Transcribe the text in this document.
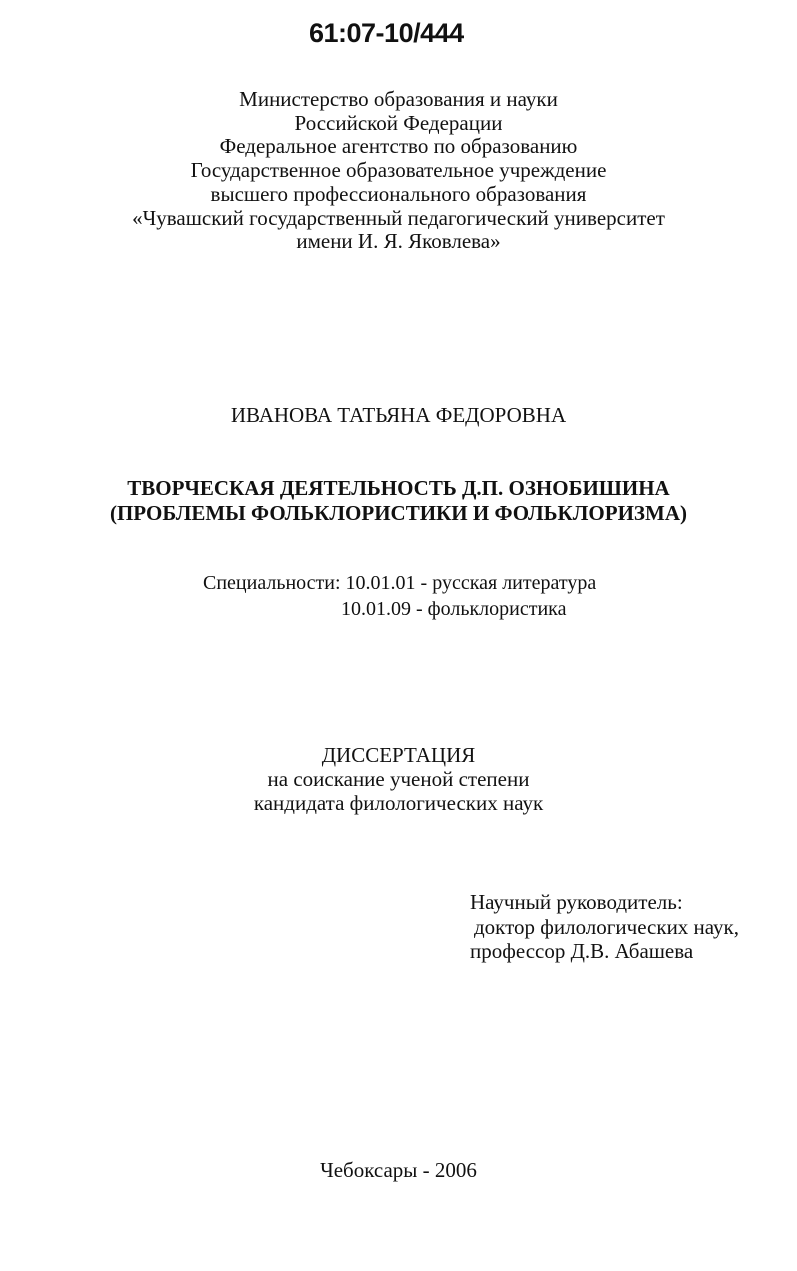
61:07-10/444
Министерство образования и науки
Российской Федерации
Федеральное агентство по образованию
Государственное образовательное учреждение
высшего профессионального образования
«Чувашский государственный педагогический университет
имени И. Я. Яковлева»
ИВАНОВА ТАТЬЯНА ФЕДОРОВНА
ТВОРЧЕСКАЯ ДЕЯТЕЛЬНОСТЬ Д.П. ОЗНОБИШИНА
(ПРОБЛЕМЫ ФОЛЬКЛОРИСТИКИ И ФОЛЬКЛОРИЗМА)
Специальности: 10.01.01 - русская литература
10.01.09 - фольклористика
ДИССЕРТАЦИЯ
на соискание ученой степени
кандидата филологических наук
Научный руководитель:
доктор филологических наук,
профессор Д.В. Абашева
Чебоксары - 2006
